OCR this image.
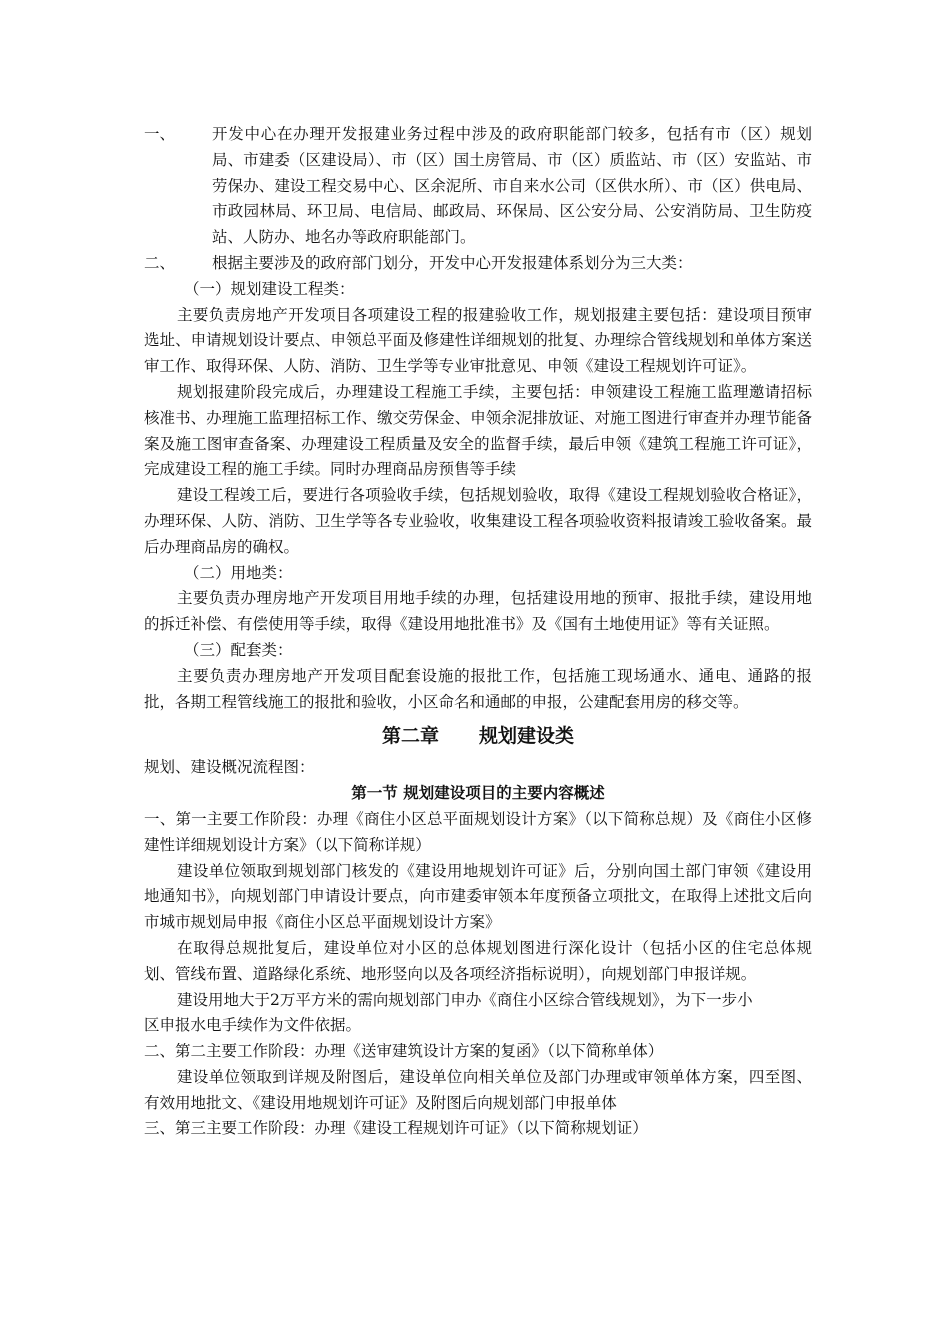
一、	开发中心在办理开发报建业务过程中涉及的政府职能部门较多，包括有市（区）规划局、市建委（区建设局）、市（区）国土房管局、市（区）质监站、市（区）安监站、市劳保办、建设工程交易中心、区余泥所、市自来水公司（区供水所）、市（区）供电局、市政园林局、环卫局、电信局、邮政局、环保局、区公安分局、公安消防局、卫生防疫站、人防办、地名办等政府职能部门。

二、	根据主要涉及的政府部门划分，开发中心开发报建体系划分为三大类：

（一）规划建设工程类：

主要负责房地产开发项目各项建设工程的报建验收工作，规划报建主要包括：建设项目预审选址、申请规划设计要点、申领总平面及修建性详细规划的批复、办理综合管线规划和单体方案送审工作、取得环保、人防、消防、卫生学等专业审批意见、申领《建设工程规划许可证》。

规划报建阶段完成后，办理建设工程施工手续，主要包括：申领建设工程施工监理邀请招标核准书、办理施工监理招标工作、缴交劳保金、申领余泥排放证、对施工图进行审查并办理节能备案及施工图审查备案、办理建设工程质量及安全的监督手续，最后申领《建筑工程施工许可证》，完成建设工程的施工手续。同时办理商品房预售等手续

建设工程竣工后，要进行各项验收手续，包括规划验收，取得《建设工程规划验收合格证》，办理环保、人防、消防、卫生学等各专业验收，收集建设工程各项验收资料报请竣工验收备案。最后办理商品房的确权。

（二）用地类：

主要负责办理房地产开发项目用地手续的办理，包括建设用地的预审、报批手续，建设用地的拆迁补偿、有偿使用等手续，取得《建设用地批准书》及《国有土地使用证》等有关证照。

（三）配套类：

主要负责办理房地产开发项目配套设施的报批工作，包括施工现场通水、通电、通路的报批，各期工程管线施工的报批和验收，小区命名和通邮的申报，公建配套用房的移交等。

第二章 规划建设类

规划、建设概况流程图：

第一节 规划建设项目的主要内容概述

一、第一主要工作阶段：办理《商住小区总平面规划设计方案》（以下简称总规）及《商住小区修建性详细规划设计方案》（以下简称详规）

建设单位领取到规划部门核发的《建设用地规划许可证》后，分别向国土部门审领《建设用地通知书》，向规划部门申请设计要点，向市建委审领本年度预备立项批文，在取得上述批文后向市城市规划局申报《商住小区总平面规划设计方案》

在取得总规批复后，建设单位对小区的总体规划图进行深化设计（包括小区的住宅总体规划、管线布置、道路绿化系统、地形竖向以及各项经济指标说明），向规划部门申报详规。

建设用地大于2万平方米的需向规划部门申办《商住小区综合管线规划》，为下一步小

区申报水电手续作为文件依据。

二、第二主要工作阶段：办理《送审建筑设计方案的复函》（以下简称单体）

建设单位领取到详规及附图后，建设单位向相关单位及部门办理或审领单体方案，四至图、有效用地批文、《建设用地规划许可证》及附图后向规划部门申报单体

三、第三主要工作阶段：办理《建设工程规划许可证》（以下简称规划证）
